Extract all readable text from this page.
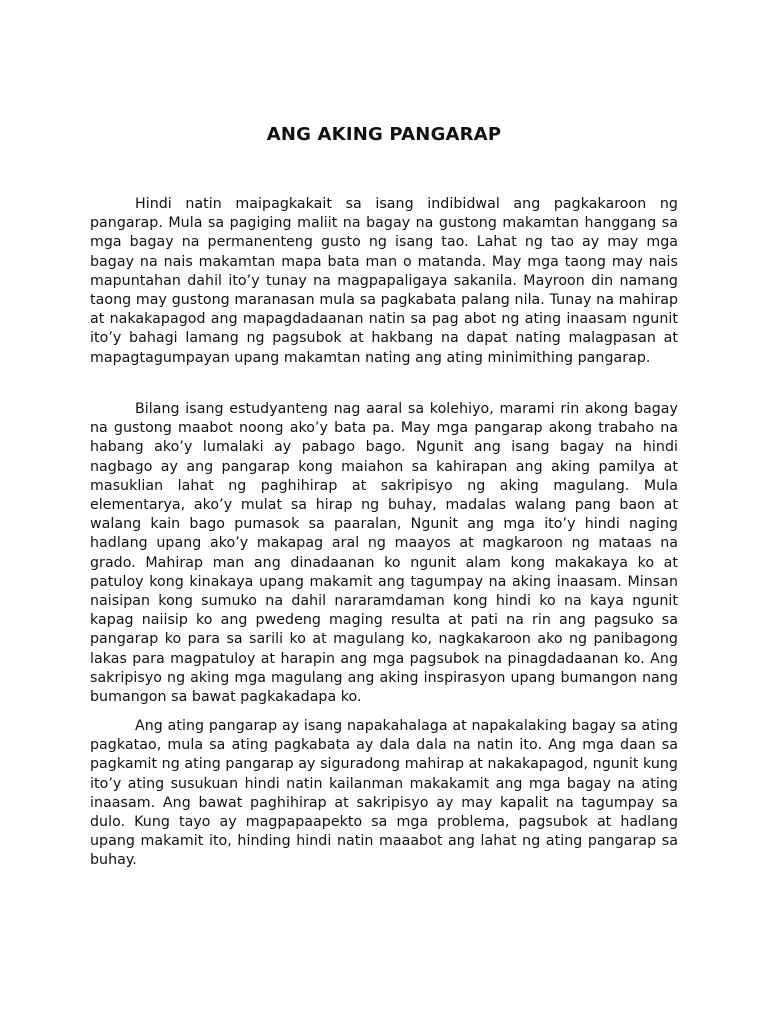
ANG AKING PANGARAP

Hindi natin maipagkakait sa isang indibidwal ang pagkakaroon ng pangarap. Mula sa pagiging maliit na bagay na gustong makamtan hanggang sa mga bagay na permanenteng gusto ng isang tao. Lahat ng tao ay may mga bagay na nais makamtan mapa bata man o matanda. May mga taong may nais mapuntahan dahil ito’y tunay na magpapaligaya sakanila. Mayroon din namang taong may gustong maranasan mula sa pagkabata palang nila. Tunay na mahirap at nakakapagod ang mapagdadaanan natin sa pag abot ng ating inaasam ngunit ito’y bahagi lamang ng pagsubok at hakbang na dapat nating malagpasan at mapagtagumpayan upang makamtan nating ang ating minimithing pangarap.

Bilang isang estudyanteng nag aaral sa kolehiyo, marami rin akong bagay na gustong maabot noong ako’y bata pa. May mga pangarap akong trabaho na habang ako’y lumalaki ay pabago bago. Ngunit ang isang bagay na hindi nagbago ay ang pangarap kong maiahon sa kahirapan ang aking pamilya at masuklian lahat ng paghihirap at sakripisyo ng aking magulang. Mula elementarya, ako’y mulat sa hirap ng buhay, madalas walang pang baon at walang kain bago pumasok sa paaralan, Ngunit ang mga ito’y hindi naging hadlang upang ako’y makapag aral ng maayos at magkaroon ng mataas na grado. Mahirap man ang dinadaanan ko ngunit alam kong makakaya ko at patuloy kong kinakaya upang makamit ang tagumpay na aking inaasam. Minsan naisipan kong sumuko na dahil nararamdaman kong hindi ko na kaya ngunit kapag naiisip ko ang pwedeng maging resulta at pati na rin ang pagsuko sa pangarap ko para sa sarili ko at magulang ko, nagkakaroon ako ng panibagong lakas para magpatuloy at harapin ang mga pagsubok na pinagdadaanan ko. Ang sakripisyo ng aking mga magulang ang aking inspirasyon upang bumangon nang bumangon sa bawat pagkakadapa ko.

Ang ating pangarap ay isang napakahalaga at napakalaking bagay sa ating pagkatao, mula sa ating pagkabata ay dala dala na natin ito. Ang mga daan sa pagkamit ng ating pangarap ay siguradong mahirap at nakakapagod, ngunit kung ito’y ating susukuan hindi natin kailanman makakamit ang mga bagay na ating inaasam. Ang bawat paghihirap at sakripisyo ay may kapalit na tagumpay sa dulo. Kung tayo ay magpapaapekto sa mga problema, pagsubok at hadlang upang makamit ito, hinding hindi natin maaabot ang lahat ng ating pangarap sa buhay.
